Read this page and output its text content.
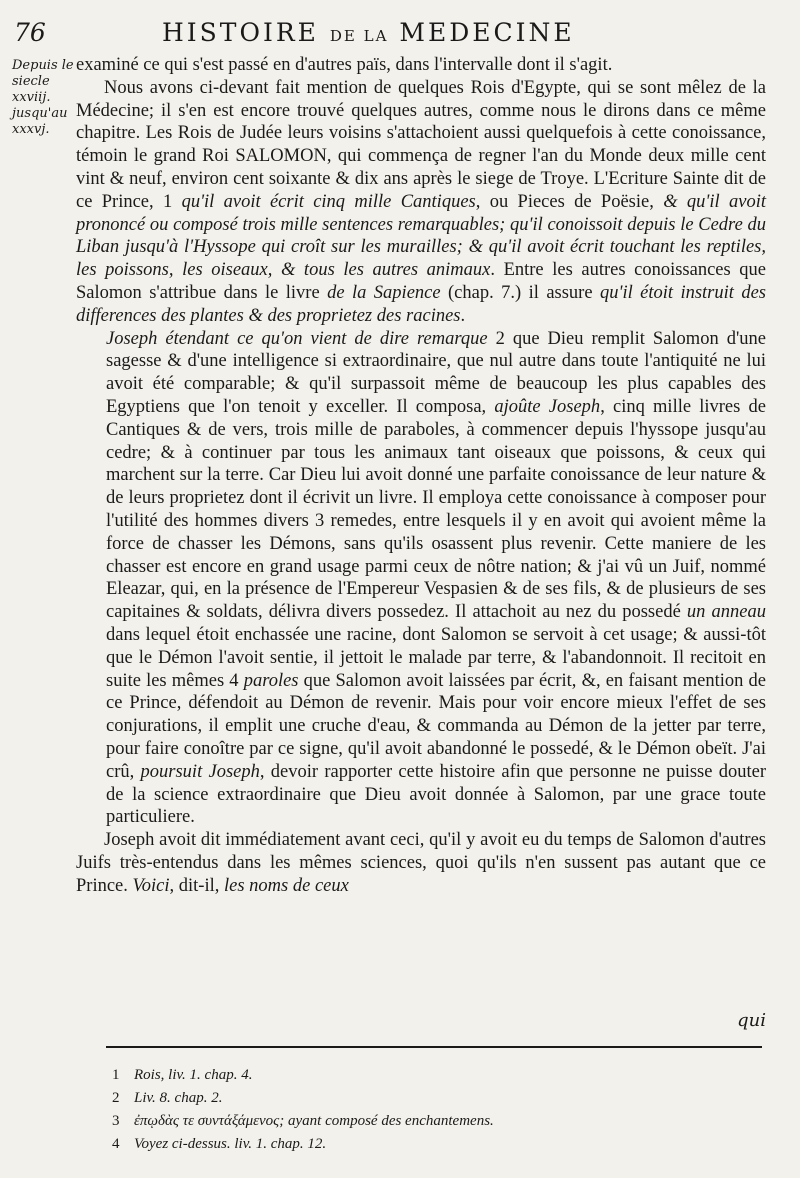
76	HISTOIRE DE LA MEDECINE
Depuis le siecle xxviij. jusqu'au xxxvj.

examiné ce qui s'est passé en d'autres païs, dans l'intervalle dont il s'agit.

Nous avons ci-devant fait mention de quelques Rois d'Egypte, qui se sont mêlez de la Médecine; il s'en est encore trouvé quelques autres, comme nous le dirons dans ce même chapitre. Les Rois de Judée leurs voisins s'attachoient aussi quelquefois à cette conoissance, témoin le grand Roi SALOMON, qui commença de regner l'an du Monde deux mille cent vint & neuf, environ cent soixante & dix ans après le siege de Troye. L'Ecriture Sainte dit de ce Prince, 1 qu'il avoit écrit cinq mille Cantiques, ou Pieces de Poësie, & qu'il avoit prononcé ou composé trois mille sentences remarquables; qu'il conoissoit depuis le Cedre du Liban jusqu'à l'Hyssope qui croît sur les murailles; & qu'il avoit écrit touchant les reptiles, les poissons, les oiseaux, & tous les autres animaux. Entre les autres conoissances que Salomon s'attribue dans le livre de la Sapience (chap. 7.) il assure qu'il étoit instruit des differences des plantes & des proprietez des racines.

Joseph étendant ce qu'on vient de dire remarque 2 que Dieu remplit Salomon d'une sagesse & d'une intelligence si extraordinaire, que nul autre dans toute l'antiquité ne lui avoit été comparable; & qu'il surpassoit même de beaucoup les plus capables des Egyptiens que l'on tenoit y exceller. Il composa, ajoûte Joseph, cinq mille livres de Cantiques & de vers, trois mille de paraboles, à commencer depuis l'hyssope jusqu'au cedre; & à continuer par tous les animaux tant oiseaux que poissons, & ceux qui marchent sur la terre. Car Dieu lui avoit donné une parfaite conoissance de leur nature & de leurs proprietez dont il écrivit un livre. Il employa cette conoissance à composer pour l'utilité des hommes divers 3 remedes, entre lesquels il y en avoit qui avoient même la force de chasser les Démons, sans qu'ils osassent plus revenir. Cette maniere de les chasser est encore en grand usage parmi ceux de nôtre nation; & j'ai vû un Juif, nommé Eleazar, qui, en la présence de l'Empereur Vespasien & de ses fils, & de plusieurs de ses capitaines & soldats, délivra divers possedez. Il attachoit au nez du possedé un anneau dans lequel étoit enchassée une racine, dont Salomon se servoit à cet usage; & aussi-tôt que le Démon l'avoit sentie, il jettoit le malade par terre, & l'abandonnoit. Il recitoit en suite les mêmes 4 paroles que Salomon avoit laissées par écrit, &, en faisant mention de ce Prince, défendoit au Démon de revenir. Mais pour voir encore mieux l'effet de ses conjurations, il emplit une cruche d'eau, & commanda au Démon de la jetter par terre, pour faire conoître par ce signe, qu'il avoit abandonné le possedé, & le Démon obeït. J'ai crû, poursuit Joseph, devoir rapporter cette histoire afin que personne ne puisse douter de la science extraordinaire que Dieu avoit donnée à Salomon, par une grace toute particuliere.

Joseph avoit dit immédiatement avant ceci, qu'il y avoit eu du temps de Salomon d'autres Juifs très-entendus dans les mêmes sciences, quoi qu'ils n'en sussent pas autant que ce Prince. Voici, dit-il, les noms de ceux

qui
1 Rois, liv. 1. chap. 4.
2 Liv. 8. chap. 2.
3 ἐπῳδὰς τε συντάξάμενος; ayant composé des enchantemens.
4 Voyez ci-dessus. liv. 1. chap. 12.
